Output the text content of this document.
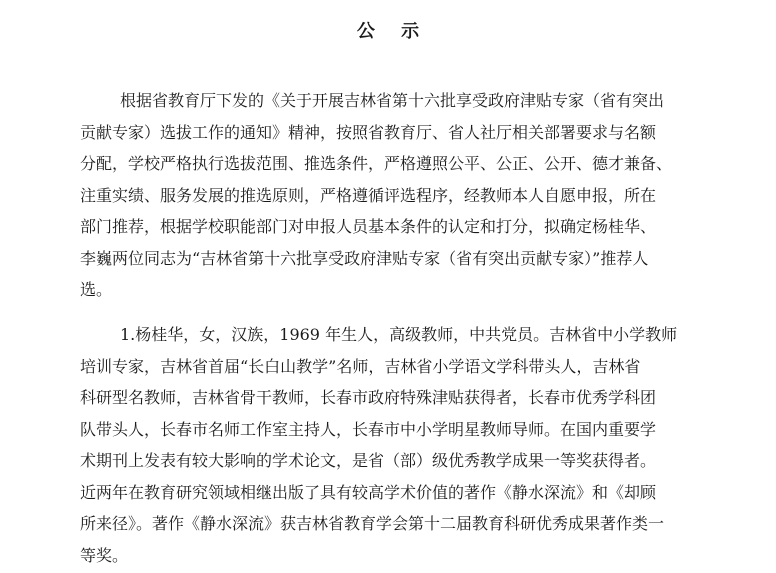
公 示
根据省教育厅下发的《关于开展吉林省第十六批享受政府津贴专家（省有突出
贡献专家）选拔工作的通知》精神，按照省教育厅、省人社厅相关部署要求与名额
分配，学校严格执行选拔范围、推选条件，严格遵照公平、公正、公开、德才兼备、
注重实绩、服务发展的推选原则，严格遵循评选程序，经教师本人自愿申报，所在
部门推荐，根据学校职能部门对申报人员基本条件的认定和打分，拟确定杨桂华、
李巍两位同志为“吉林省第十六批享受政府津贴专家（省有突出贡献专家）”推荐人
选。
1.杨桂华，女，汉族，1969 年生人，高级教师，中共党员。吉林省中小学教师
培训专家，吉林省首届“长白山教学”名师，吉林省小学语文学科带头人，吉林省
科研型名教师，吉林省骨干教师，长春市政府特殊津贴获得者，长春市优秀学科团
队带头人，长春市名师工作室主持人，长春市中小学明星教师导师。在国内重要学
术期刊上发表有较大影响的学术论文，是省（部）级优秀教学成果一等奖获得者。
近两年在教育研究领域相继出版了具有较高学术价值的著作《静水深流》和《却顾
所来径》。著作《静水深流》获吉林省教育学会第十二届教育科研优秀成果著作类一
等奖。
